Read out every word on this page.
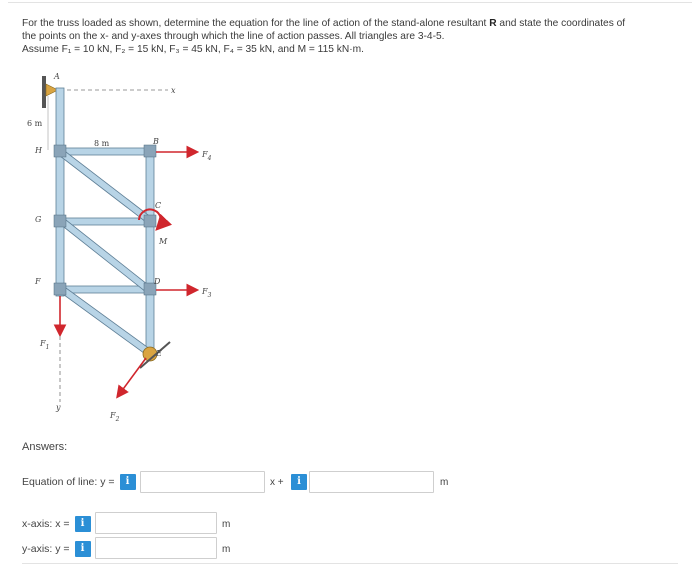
For the truss loaded as shown, determine the equation for the line of action of the stand-alone resultant R and state the coordinates of

the points on the x- and y-axes through which the line of action passes. All triangles are 3-4-5.

Assume F₁ = 10 kN, F₂ = 15 kN, F₃ = 45 kN, F₄ = 35 kN, and M = 115 kN·m.

x
A
6 m
H
G
F
B
C
D
E
M
8 m
$F_4$
$F_3$
$F_1$
y
$F_2$
Answers:
Equation of line: y =	i	x +	i	m
x-axis: x =	i	m
y-axis: y =	i	m
